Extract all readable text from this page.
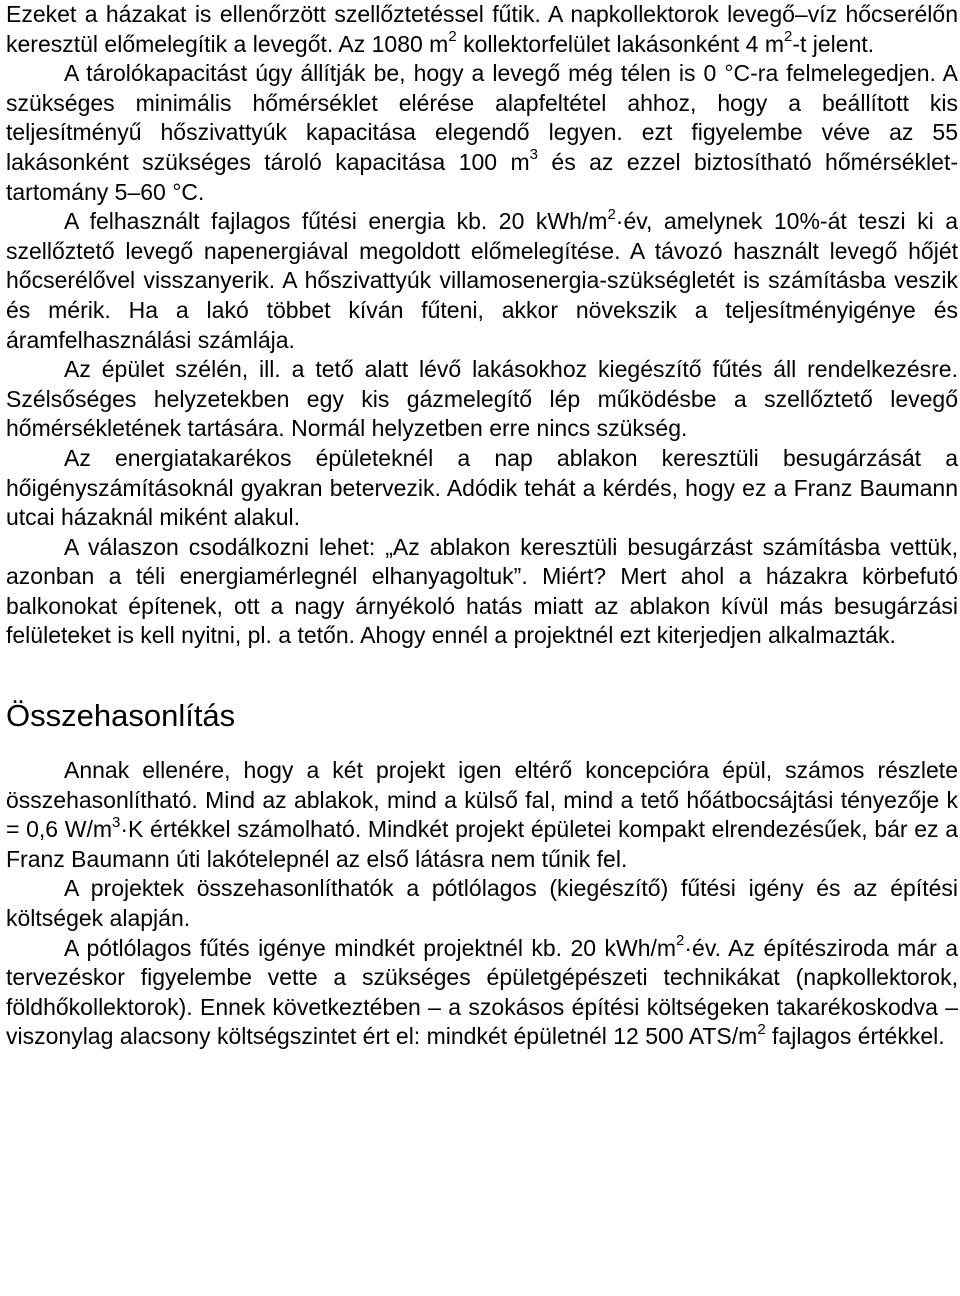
Ezeket a házakat is ellenőrzött szellőztetéssel fűtik. A napkollektorok levegő–víz hőcserélőn keresztül előmelegítik a levegőt. Az 1080 $m^2$ kollektorfelület lakásonként 4 $m^2-t$ jelent.

A tárolókapacitást úgy állítják be, hogy a levegő még télen is 0 °C-ra felmelegedjen. A szükséges minimális hőmérséklet elérése alapfeltétel ahhoz, hogy a beállított kis teljesítményű hőszivattyúk kapacitása elegendő legyen. ezt figyelembe véve az 55 lakásonként szükséges tároló kapacitása 100 $m^3$ és az ezzel biztosítható hőmérséklet-tartomány 5–60 °C.

A felhasznált fajlagos fűtési energia kb. 20 kWh/$m^2\cdot év$, amelynek 10%-át teszi ki a szellőztető levegő napenergiával megoldott előmelegítése. A távozó használt levegő hőjét hőcserélővel visszanyerik. A hőszivattyúk villamosenergia-szükségletét is számításba veszik és mérik. Ha a lakó többet kíván fűteni, akkor növekszik a teljesítményigénye és áramfelhasználási számlája.

Az épület szélén, ill. a tető alatt lévő lakásokhoz kiegészítő fűtés áll rendelkezésre. Szélsőséges helyzetekben egy kis gázmelegítő lép működésbe a szellőztető levegő hőmérsékletének tartására. Normál helyzetben erre nincs szükség.

Az energiatakarékos épületeknél a nap ablakon keresztüli besugárzását a hőigényszámításoknál gyakran betervezik. Adódik tehát a kérdés, hogy ez a Franz Baumann utcai házaknál miként alakul.

A válaszon csodálkozni lehet: „Az ablakon keresztüli besugárzást számításba vettük, azonban a téli energiamérlegnél elhanyagoltuk”. Miért? Mert ahol a házakra körbefutó balkonokat építenek, ott a nagy árnyékoló hatás miatt az ablakon kívül más besugárzási felületeket is kell nyitni, pl. a tetőn. Ahogy ennél a projektnél ezt kiterjedjen alkalmazták.

Összehasonlítás

Annak ellenére, hogy a két projekt igen eltérő koncepcióra épül, számos részlete összehasonlítható. Mind az ablakok, mind a külső fal, mind a tető hőátbocsájtási tényezője k = 0,6 $W/m^3\cdot K$ értékkel számolható. Mindkét projekt épületei kompakt elrendezésűek, bár ez a Franz Baumann úti lakótelepnél az első látásra nem tűnik fel.

A projektek összehasonlíthatók a pótlólagos (kiegészítő) fűtési igény és az építési költségek alapján.

A pótlólagos fűtés igénye mindkét projektnél kb. 20 kWh/$m^2\cdot év$. Az építésziroda már a tervezéskor figyelembe vette a szükséges épületgépészeti technikákat (napkollektorok, földhőkollektorok). Ennek következtében – a szokásos építési költségeken takarékoskodva – viszonylag alacsony költségszintet ért el: mindkét épületnél 12 500 ATS/$m^2$ fajlagos értékkel.
